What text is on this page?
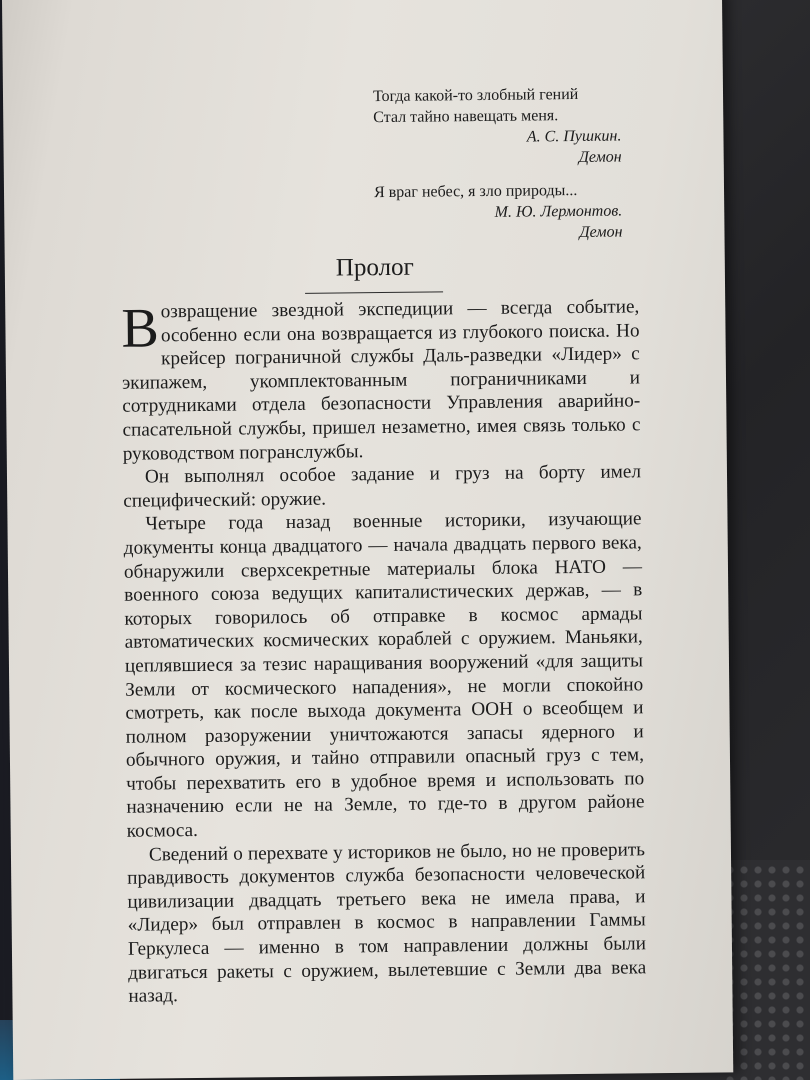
Тогда какой-то злобный гений
Стал тайно навещать меня.
А. С. Пушкин.
Демон
Я враг небес, я зло природы...
М. Ю. Лермонтов.
Демон
Пролог

Возвращение звездной экспедиции — всегда событие, особенно если она возвращается из глубокого поиска. Но крейсер пограничной службы Даль-разведки «Лидер» с экипажем, укомплектованным пограничниками и сотрудниками отдела безопасности Управления аварийно-спасательной службы, пришел незаметно, имея связь только с руководством погранслужбы.

Он выполнял особое задание и груз на борту имел специфический: оружие.

Четыре года назад военные историки, изучающие документы конца двадцатого — начала двадцать первого века, обнаружили сверхсекретные материалы блока НАТО — военного союза ведущих капиталистических держав, — в которых говорилось об отправке в космос армады автоматических космических кораблей с оружием. Маньяки, цеплявшиеся за тезис наращивания вооружений «для защиты Земли от космического нападения», не могли спокойно смотреть, как после выхода документа ООН о всеобщем и полном разоружении уничтожаются запасы ядерного и обычного оружия, и тайно отправили опасный груз с тем, чтобы перехватить его в удобное время и использовать по назначению если не на Земле, то где-то в другом районе космоса.

Сведений о перехвате у историков не было, но не проверить правдивость документов служба безопасности человеческой цивилизации двадцать третьего века не имела права, и «Лидер» был отправлен в космос в направлении Гаммы Геркулеса — именно в том направлении должны были двигаться ракеты с оружием, вылетевшие с Земли два века назад.
